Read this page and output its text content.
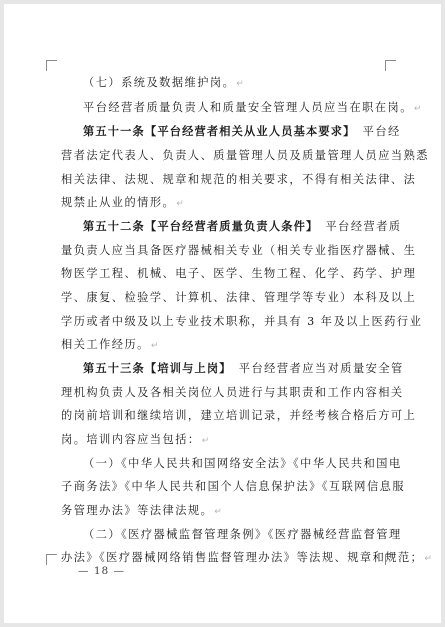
（七）系统及数据维护岗。↵
平台经营者质量负责人和质量安全管理人员应当在职在岗。↵
第五十一条【平台经营者相关从业人员基本要求】　平台经
营者法定代表人、负责人、质量管理人员及质量管理人员应当熟悉
相关法律、法规、规章和规范的相关要求，不得有相关法律、法
规禁止从业的情形。↵
第五十二条【平台经营者质量负责人条件】　平台经营者质
量负责人应当具备医疗器械相关专业（相关专业指医疗器械、生
物医学工程、机械、电子、医学、生物工程、化学、药学、护理
学、康复、检验学、计算机、法律、管理学等专业）本科及以上
学历或者中级及以上专业技术职称，并具有 3 年及以上医药行业
相关工作经历。↵
第五十三条【培训与上岗】　平台经营者应当对质量安全管
理机构负责人及各相关岗位人员进行与其职责和工作内容相关
的岗前培训和继续培训，建立培训记录，并经考核合格后方可上
岗。培训内容应当包括：↵
（一）《中华人民共和国网络安全法》《中华人民共和国电
子商务法》《中华人民共和国个人信息保护法》《互联网信息服
务管理办法》等法律法规。↵
（二）《医疗器械监督管理条例》《医疗器械经营监督管理
办法》《医疗器械网络销售监督管理办法》等法规、规章和规范；↵
— 18 —
